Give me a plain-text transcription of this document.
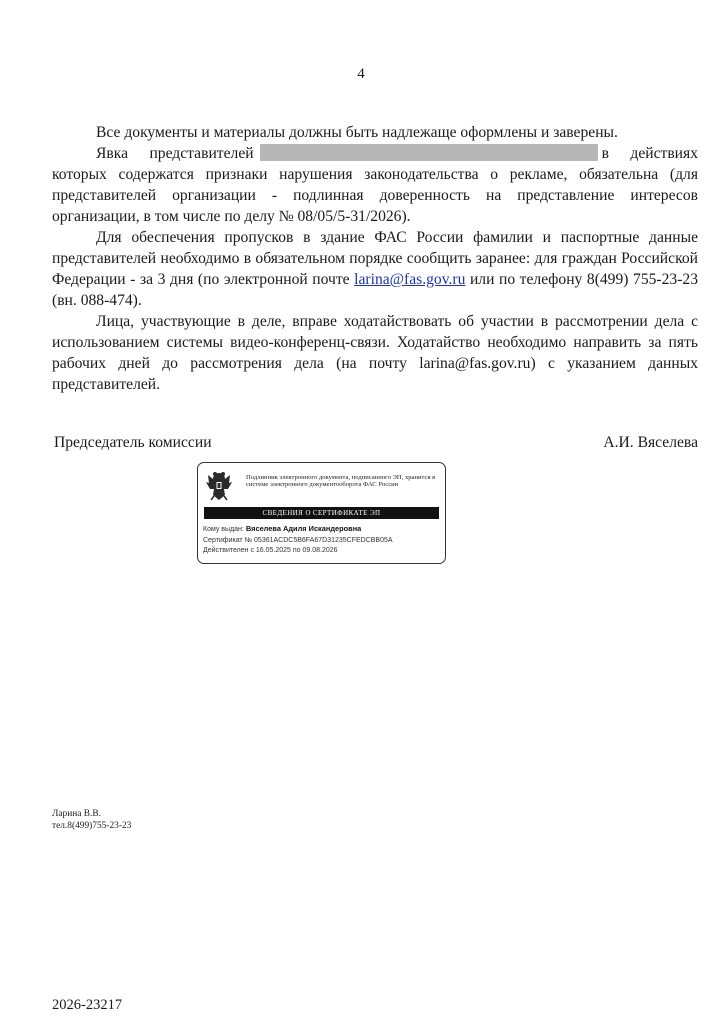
4

Все документы и материалы должны быть надлежаще оформлены и заверены.

Явка представителей	в действиях которых содержатся признаки нарушения законодательства о рекламе, обязательна (для представителей организации - подлинная доверенность на представление интересов организации, в том числе по делу № 08/05/5-31/2026).

Для обеспечения пропусков в здание ФАС России фамилии и паспортные данные представителей необходимо в обязательном порядке сообщить заранее: для граждан Российской Федерации - за 3 дня (по электронной почте larina@fas.gov.ru или по телефону 8(499) 755-23-23 (вн. 088-474).

Лица, участвующие в деле, вправе ходатайствовать об участии в рассмотрении дела с использованием системы видео-конференц-связи. Ходатайство необходимо направить за пять рабочих дней до рассмотрения дела (на почту larina@fas.gov.ru) с указанием данных представителей.

Председатель комиссии	А.И. Вяселева
Подлинник электронного документа, подписанного ЭП, хранится в системе электронного документооборота ФАС России
СВЕДЕНИЯ О СЕРТИФИКАТЕ ЭП
Кому выдан: Вяселева Адиля Искандеровна
Сертификат № 05361ACDC5B6FA67D31235CFEDCBB05A
Действителен с 16.05.2025 по 09.08.2026
Ларина В.В.
тел.8(499)755-23-23
2026-23217
